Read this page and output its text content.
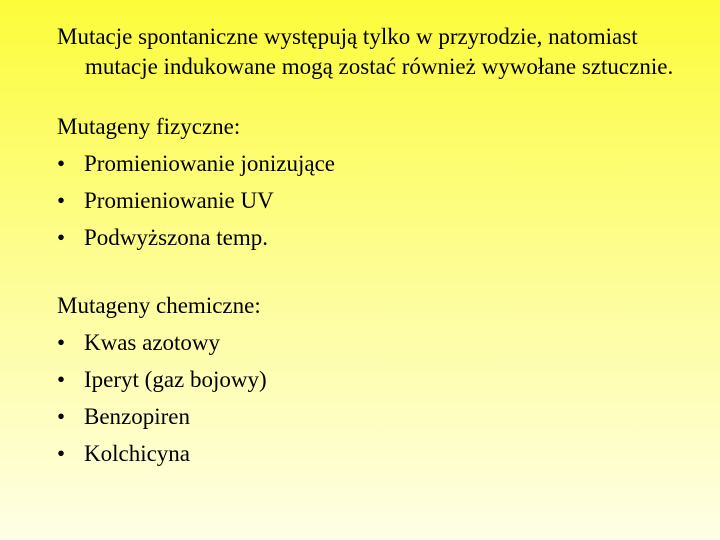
Mutacje spontaniczne występują tylko w przyrodzie, natomiast mutacje indukowane mogą zostać również wywołane sztucznie.

Mutageny fizyczne:

• Promieniowanie jonizujące
• Promieniowanie UV
• Podwyższona temp.

Mutageny chemiczne:

• Kwas azotowy
• Iperyt (gaz bojowy)
• Benzopiren
• Kolchicyna
